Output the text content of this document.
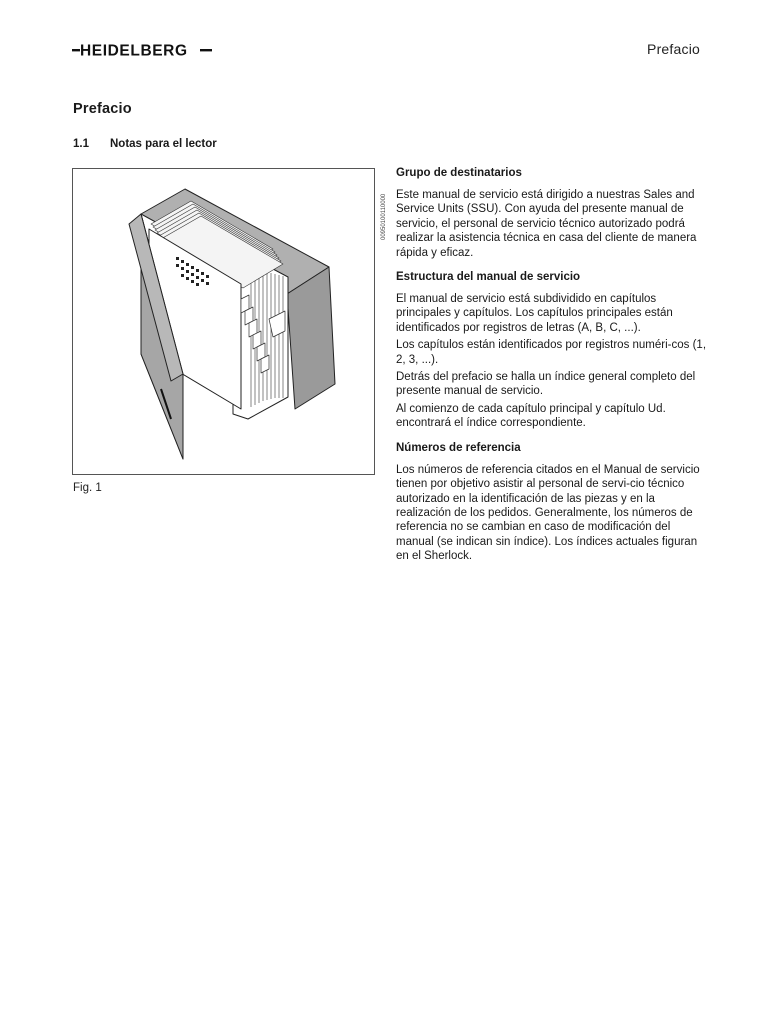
HEIDELBERG	Prefacio
Prefacio
1.1 Notas para el lector
00950100110000
Fig. 1
Grupo de destinatarios

Este manual de servicio está dirigido a nuestras Sales and Service Units (SSU). Con ayuda del presente manual de servicio, el personal de servicio técnico autorizado podrá realizar la asistencia técnica en casa del cliente de manera rápida y eficaz.

Estructura del manual de servicio

El manual de servicio está subdividido en capítulos principales y capítulos. Los capítulos principales están identificados por registros de letras (A, B, C, ...).

Los capítulos están identificados por registros numéri-cos (1, 2, 3, ...).

Detrás del prefacio se halla un índice general completo del presente manual de servicio.

Al comienzo de cada capítulo principal y capítulo Ud. encontrará el índice correspondiente.

Números de referencia

Los números de referencia citados en el Manual de servicio tienen por objetivo asistir al personal de servi-cio técnico autorizado en la identificación de las piezas y en la realización de los pedidos. Generalmente, los números de referencia no se cambian en caso de modificación del manual (se indican sin índice). Los índices actuales figuran en el Sherlock.
